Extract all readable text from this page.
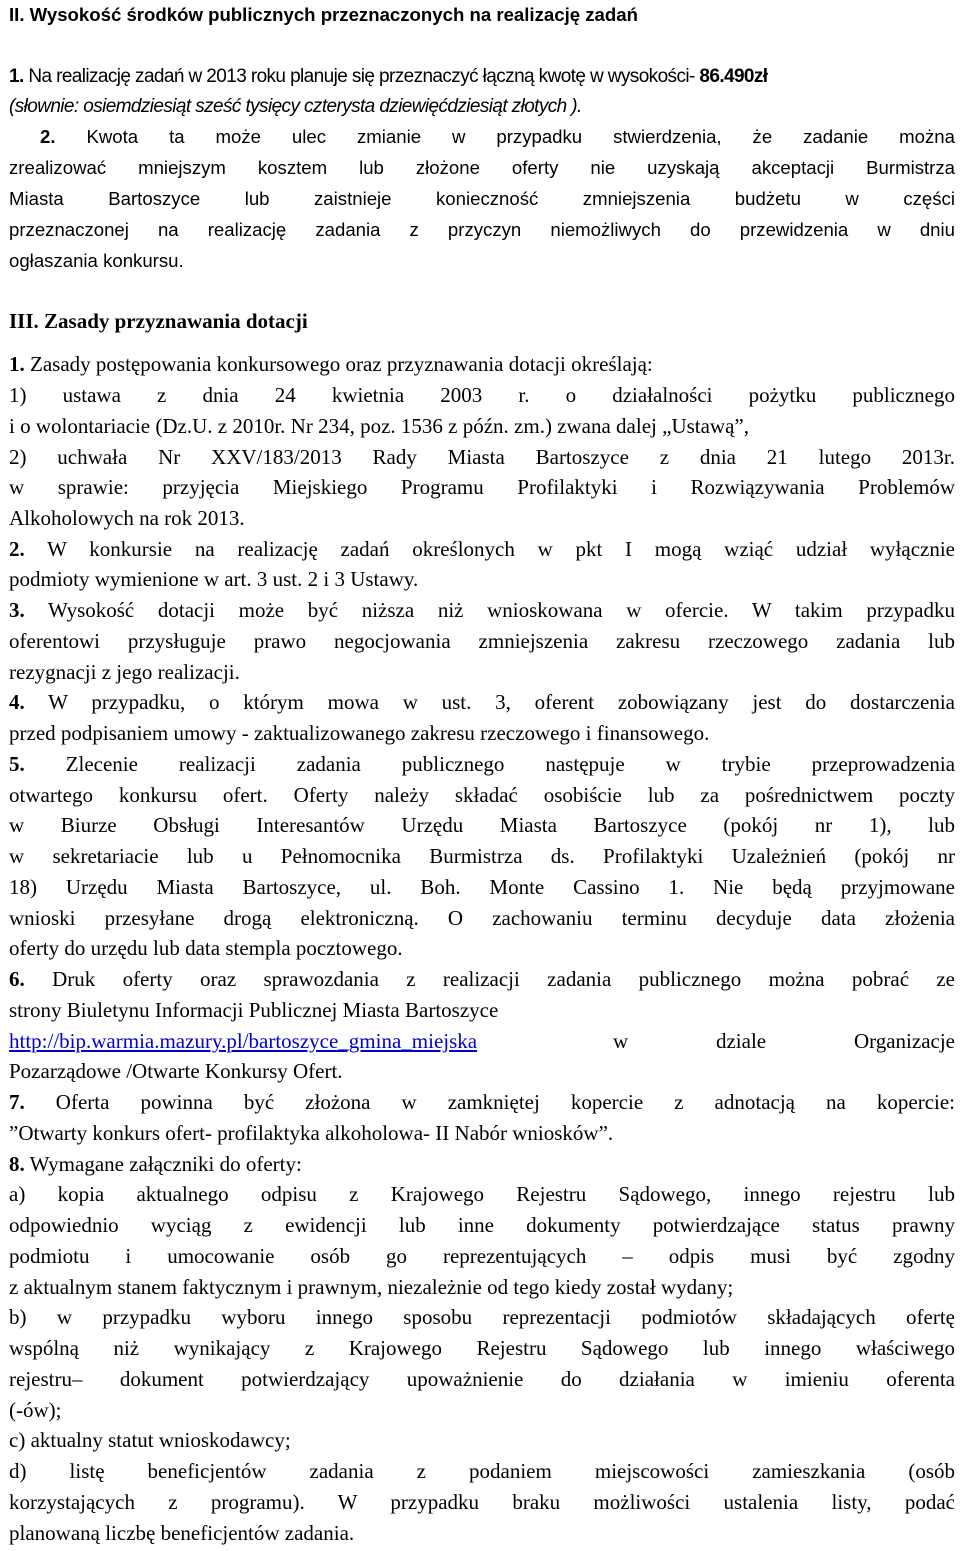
II. Wysokość środków publicznych przeznaczonych na realizację zadań
1. Na realizację zadań w 2013 roku planuje się przeznaczyć łączną kwotę w wysokości- 86.490zł
(słownie: osiemdziesiąt sześć tysięcy czterysta dziewięćdziesiąt złotych ).
2. Kwota ta może ulec zmianie w przypadku stwierdzenia, że zadanie można
zrealizować mniejszym kosztem lub złożone oferty nie uzyskają akceptacji Burmistrza
Miasta Bartoszyce lub zaistnieje konieczność zmniejszenia budżetu w części
przeznaczonej na realizację zadania z przyczyn niemożliwych do przewidzenia w dniu
ogłaszania konkursu.
III. Zasady przyznawania dotacji
1. Zasady postępowania konkursowego oraz przyznawania dotacji określają:
1) ustawa z dnia 24 kwietnia 2003 r. o działalności pożytku publicznego
i o wolontariacie (Dz.U. z 2010r. Nr 234, poz. 1536 z późn. zm.) zwana dalej „Ustawą”,
2) uchwała Nr XXV/183/2013 Rady Miasta Bartoszyce z dnia 21 lutego 2013r.
w sprawie: przyjęcia Miejskiego Programu Profilaktyki i Rozwiązywania Problemów
Alkoholowych na rok 2013.
2. W konkursie na realizację zadań określonych w pkt I mogą wziąć udział wyłącznie
podmioty wymienione w art. 3 ust. 2 i 3 Ustawy.
3. Wysokość dotacji może być niższa niż wnioskowana w ofercie. W takim przypadku
oferentowi przysługuje prawo negocjowania zmniejszenia zakresu rzeczowego zadania lub
rezygnacji z jego realizacji.
4. W przypadku, o którym mowa w ust. 3, oferent zobowiązany jest do dostarczenia
przed podpisaniem umowy - zaktualizowanego zakresu rzeczowego i finansowego.
5. Zlecenie realizacji zadania publicznego następuje w trybie przeprowadzenia
otwartego konkursu ofert. Oferty należy składać osobiście lub za pośrednictwem poczty
w Biurze Obsługi Interesantów Urzędu Miasta Bartoszyce (pokój nr 1), lub
w sekretariacie lub u Pełnomocnika Burmistrza ds. Profilaktyki Uzależnień (pokój nr
18) Urzędu Miasta Bartoszyce, ul. Boh. Monte Cassino 1. Nie będą przyjmowane
wnioski przesyłane drogą elektroniczną. O zachowaniu terminu decyduje data złożenia
oferty do urzędu lub data stempla pocztowego.
6. Druk oferty oraz sprawozdania z realizacji zadania publicznego można pobrać ze
strony Biuletynu Informacji Publicznej Miasta Bartoszyce
http://bip.warmia.mazury.pl/bartoszyce_gmina_miejska	w dziale Organizacje
Pozarządowe /Otwarte Konkursy Ofert.
7. Oferta powinna być złożona w zamkniętej kopercie z adnotacją na kopercie:
”Otwarty konkurs ofert- profilaktyka alkoholowa- II Nabór wniosków”.
8. Wymagane załączniki do oferty:
a) kopia aktualnego odpisu z Krajowego Rejestru Sądowego, innego rejestru lub
odpowiednio wyciąg z ewidencji lub inne dokumenty potwierdzające status prawny
podmiotu i umocowanie osób go reprezentujących – odpis musi być zgodny
z aktualnym stanem faktycznym i prawnym, niezależnie od tego kiedy został wydany;
b) w przypadku wyboru innego sposobu reprezentacji podmiotów składających ofertę
wspólną niż wynikający z Krajowego Rejestru Sądowego lub innego właściwego
rejestru– dokument potwierdzający upoważnienie do działania w imieniu oferenta
(-ów);
c) aktualny statut wnioskodawcy;
d) listę beneficjentów zadania z podaniem miejscowości zamieszkania (osób
korzystających z programu). W przypadku braku możliwości ustalenia listy, podać
planowaną liczbę beneficjentów zadania.
